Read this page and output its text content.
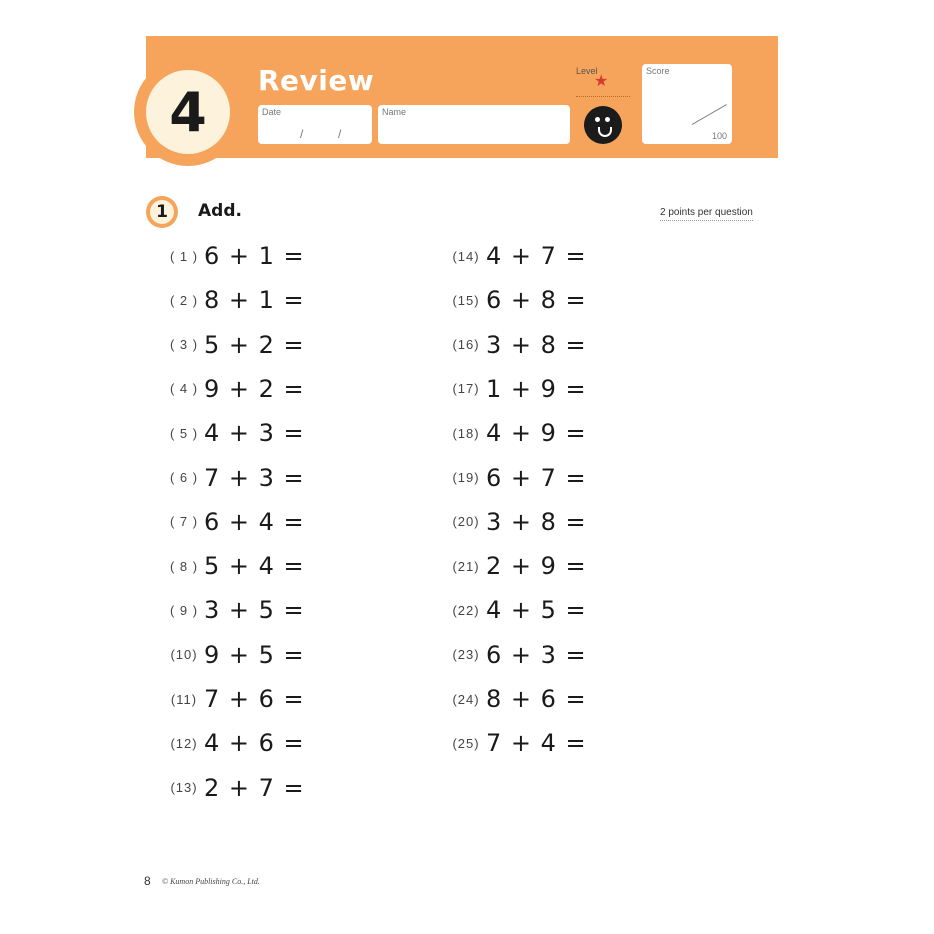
4	Review
Date
/	/
Name
Level
★
Score
100
1	Add.	2 points per question
( 1 ) 6 + 1 =
( 2 ) 8 + 1 =
( 3 ) 5 + 2 =
( 4 ) 9 + 2 =
( 5 ) 4 + 3 =
( 6 ) 7 + 3 =
( 7 ) 6 + 4 =
( 8 ) 5 + 4 =
( 9 ) 3 + 5 =
(10) 9 + 5 =
(11) 7 + 6 =
(12) 4 + 6 =
(13) 2 + 7 =
(14) 4 + 7 =
(15) 6 + 8 =
(16) 3 + 8 =
(17) 1 + 9 =
(18) 4 + 9 =
(19) 6 + 7 =
(20) 3 + 8 =
(21) 2 + 9 =
(22) 4 + 5 =
(23) 6 + 3 =
(24) 8 + 6 =
(25) 7 + 4 =
8 © Kumon Publishing Co., Ltd.
